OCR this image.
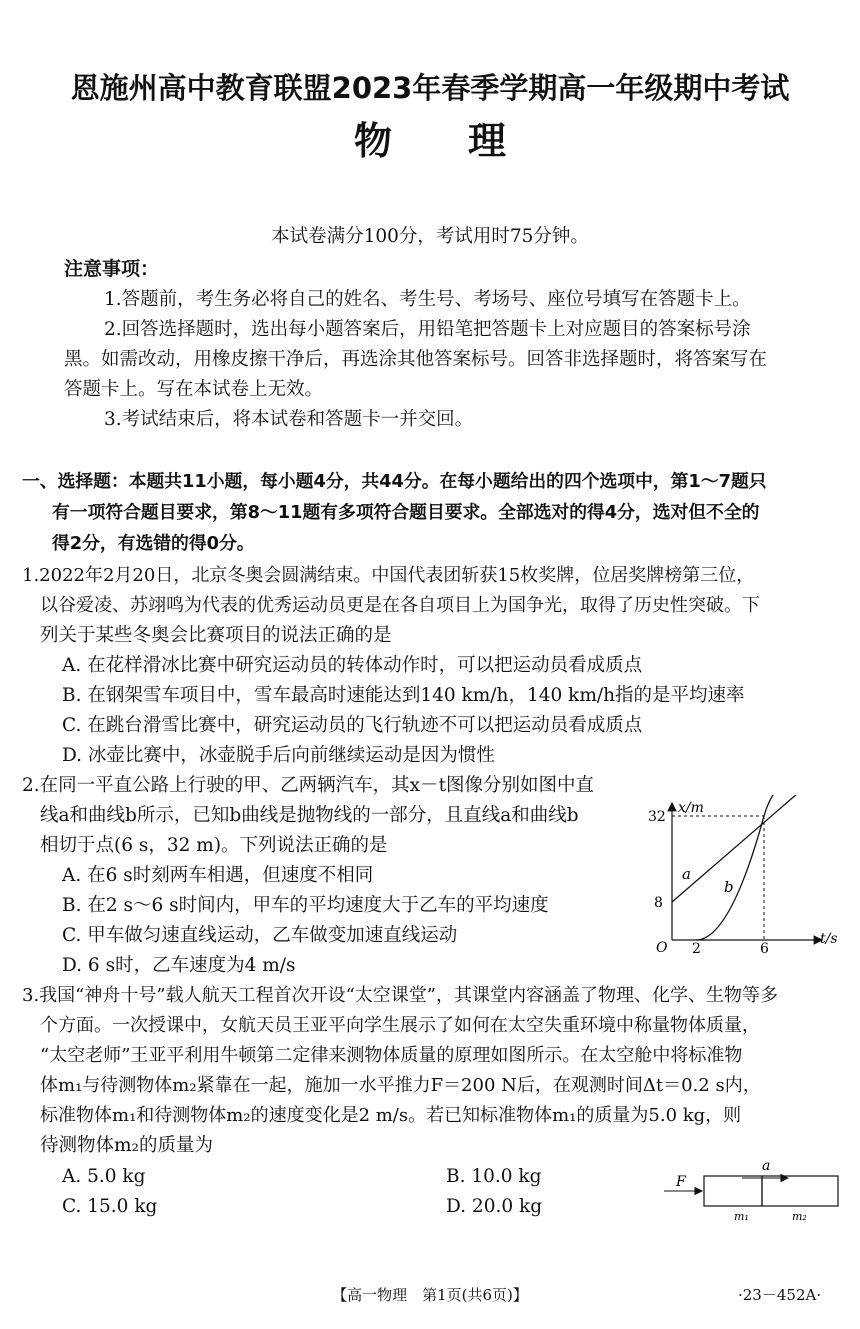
恩施州高中教育联盟2023年春季学期高一年级期中考试
物　　理
本试卷满分100分，考试用时75分钟。
注意事项：
1.答题前，考生务必将自己的姓名、考生号、考场号、座位号填写在答题卡上。
2.回答选择题时，选出每小题答案后，用铅笔把答题卡上对应题目的答案标号涂
黑。如需改动，用橡皮擦干净后，再选涂其他答案标号。回答非选择题时，将答案写在
答题卡上。写在本试卷上无效。
3.考试结束后，将本试卷和答题卡一并交回。
一、选择题：本题共11小题，每小题4分，共44分。在每小题给出的四个选项中，第1～7题只
有一项符合题目要求，第8～11题有多项符合题目要求。全部选对的得4分，选对但不全的
得2分，有选错的得0分。
1.2022年2月20日，北京冬奥会圆满结束。中国代表团斩获15枚奖牌，位居奖牌榜第三位，
以谷爱凌、苏翊鸣为代表的优秀运动员更是在各自项目上为国争光，取得了历史性突破。下
列关于某些冬奥会比赛项目的说法正确的是
A. 在花样滑冰比赛中研究运动员的转体动作时，可以把运动员看成质点
B. 在钢架雪车项目中，雪车最高时速能达到140 km/h，140 km/h指的是平均速率
C. 在跳台滑雪比赛中，研究运动员的飞行轨迹不可以把运动员看成质点
D. 冰壶比赛中，冰壶脱手后向前继续运动是因为惯性
2.在同一平直公路上行驶的甲、乙两辆汽车，其x－t图像分别如图中直
线a和曲线b所示，已知b曲线是抛物线的一部分，且直线a和曲线b
相切于点(6 s，32 m)。下列说法正确的是
A. 在6 s时刻两车相遇，但速度不相同
B. 在2 s～6 s时间内，甲车的平均速度大于乙车的平均速度
C. 甲车做匀速直线运动，乙车做变加速直线运动
D. 6 s时，乙车速度为4 m/s
x/m
t/s
O
32
8
2	6
a
b
3.我国“神舟十号”载人航天工程首次开设“太空课堂”，其课堂内容涵盖了物理、化学、生物等多
个方面。一次授课中，女航天员王亚平向学生展示了如何在太空失重环境中称量物体质量，
“太空老师”王亚平利用牛顿第二定律来测物体质量的原理如图所示。在太空舱中将标准物
体m₁与待测物体m₂紧靠在一起，施加一水平推力F＝200 N后，在观测时间Δt＝0.2 s内，
标准物体m₁和待测物体m₂的速度变化是2 m/s。若已知标准物体m₁的质量为5.0 kg，则
待测物体m₂的质量为
A. 5.0 kg	B. 10.0 kg
C. 15.0 kg	D. 20.0 kg
a
F
m₁	m₂
【高一物理　第1页(共6页)】	·23－452A·
